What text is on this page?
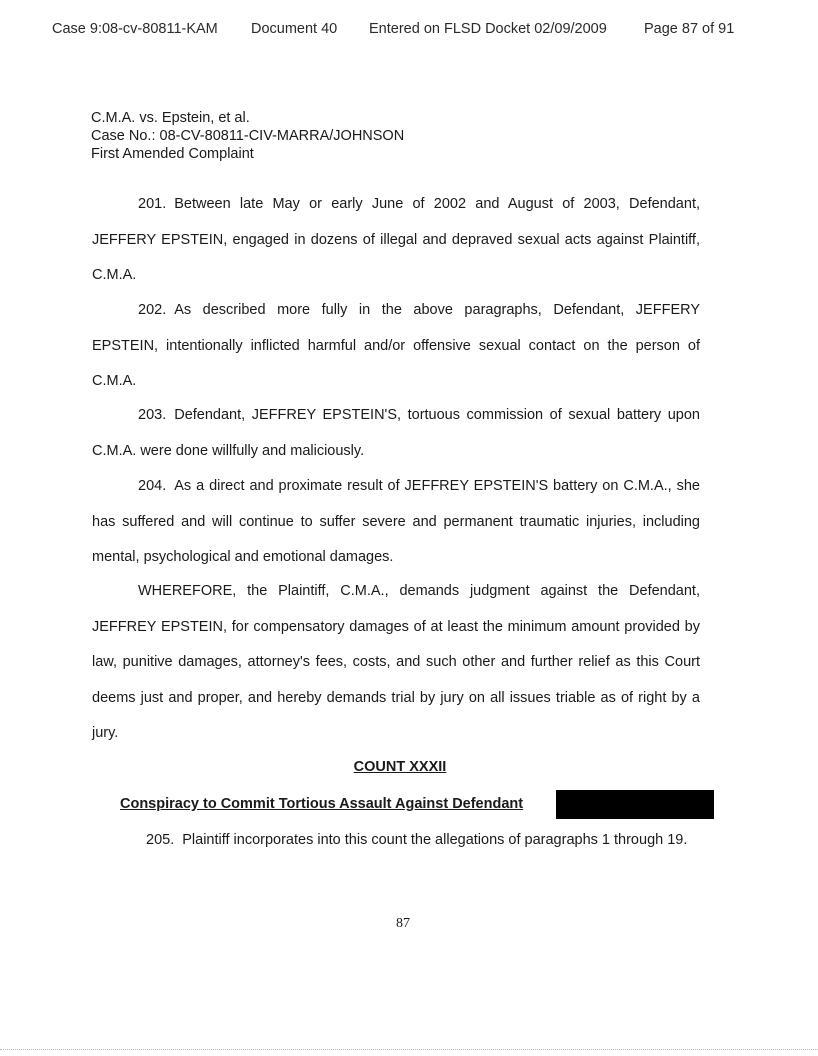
Case 9:08-cv-80811-KAM Document 40 Entered on FLSD Docket 02/09/2009	Page 87 of 91
C.M.A. vs. Epstein, et al.
Case No.: 08-CV-80811-CIV-MARRA/JOHNSON
First Amended Complaint

201. Between late May or early June of 2002 and August of 2003, Defendant, JEFFERY EPSTEIN, engaged in dozens of illegal and depraved sexual acts against Plaintiff, C.M.A.

202. As described more fully in the above paragraphs, Defendant, JEFFERY EPSTEIN, intentionally inflicted harmful and/or offensive sexual contact on the person of C.M.A.

203. Defendant, JEFFREY EPSTEIN'S, tortuous commission of sexual battery upon C.M.A. were done willfully and maliciously.

204. As a direct and proximate result of JEFFREY EPSTEIN'S battery on C.M.A., she has suffered and will continue to suffer severe and permanent traumatic injuries, including mental, psychological and emotional damages.

WHEREFORE, the Plaintiff, C.M.A., demands judgment against the Defendant, JEFFREY EPSTEIN, for compensatory damages of at least the minimum amount provided by law, punitive damages, attorney's fees, costs, and such other and further relief as this Court deems just and proper, and hereby demands trial by jury on all issues triable as of right by a jury.

COUNT XXXII
Conspiracy to Commit Tortious Assault Against Defendant

205. Plaintiff incorporates into this count the allegations of paragraphs 1 through 19.

87
